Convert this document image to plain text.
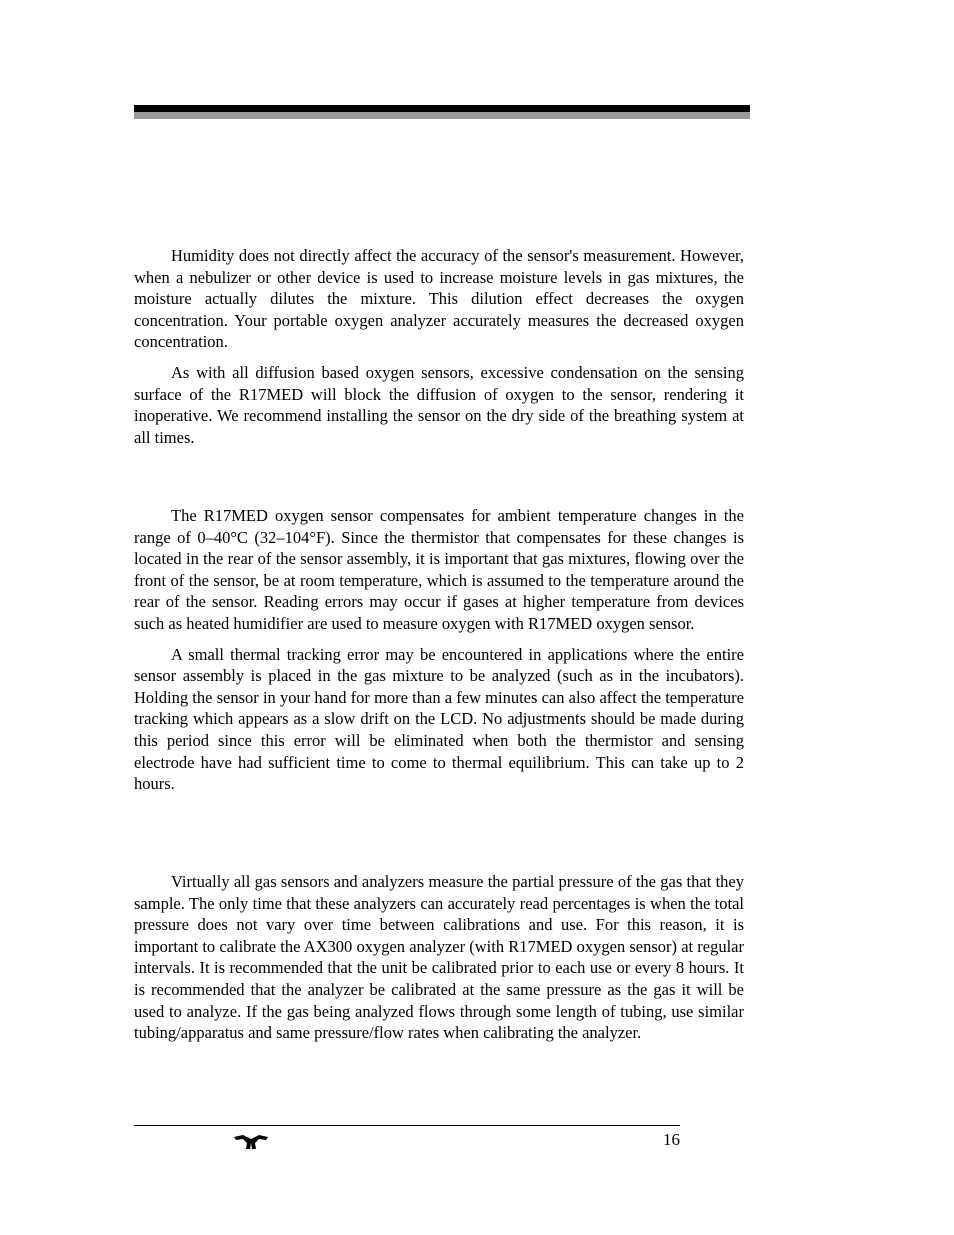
Humidity does not directly affect the accuracy of the sensor's measurement. However, when a nebulizer or other device is used to increase moisture levels in gas mixtures, the moisture actually dilutes the mixture. This dilution effect decreases the oxygen concentration. Your portable oxygen analyzer accurately measures the decreased oxygen concentration.

As with all diffusion based oxygen sensors, excessive condensation on the sensing surface of the R17MED will block the diffusion of oxygen to the sensor, rendering it inoperative. We recommend installing the sensor on the dry side of the breathing system at all times.

The R17MED oxygen sensor compensates for ambient temperature changes in the range of 0–40°C (32–104°F). Since the thermistor that compensates for these changes is located in the rear of the sensor assembly, it is important that gas mixtures, flowing over the front of the sensor, be at room temperature, which is assumed to the temperature around the rear of the sensor. Reading errors may occur if gases at higher temperature from devices such as heated humidifier are used to measure oxygen with R17MED oxygen sensor.

A small thermal tracking error may be encountered in applications where the entire sensor assembly is placed in the gas mixture to be analyzed (such as in the incubators). Holding the sensor in your hand for more than a few minutes can also affect the temperature tracking which appears as a slow drift on the LCD. No adjustments should be made during this period since this error will be eliminated when both the thermistor and sensing electrode have had sufficient time to come to thermal equilibrium. This can take up to 2 hours.

Virtually all gas sensors and analyzers measure the partial pressure of the gas that they sample. The only time that these analyzers can accurately read percentages is when the total pressure does not vary over time between calibrations and use. For this reason, it is important to calibrate the AX300 oxygen analyzer (with R17MED oxygen sensor) at regular intervals. It is recommended that the unit be calibrated prior to each use or every 8 hours. It is recommended that the analyzer be calibrated at the same pressure as the gas it will be used to analyze. If the gas being analyzed flows through some length of tubing, use similar tubing/apparatus and same pressure/flow rates when calibrating the analyzer.

16
